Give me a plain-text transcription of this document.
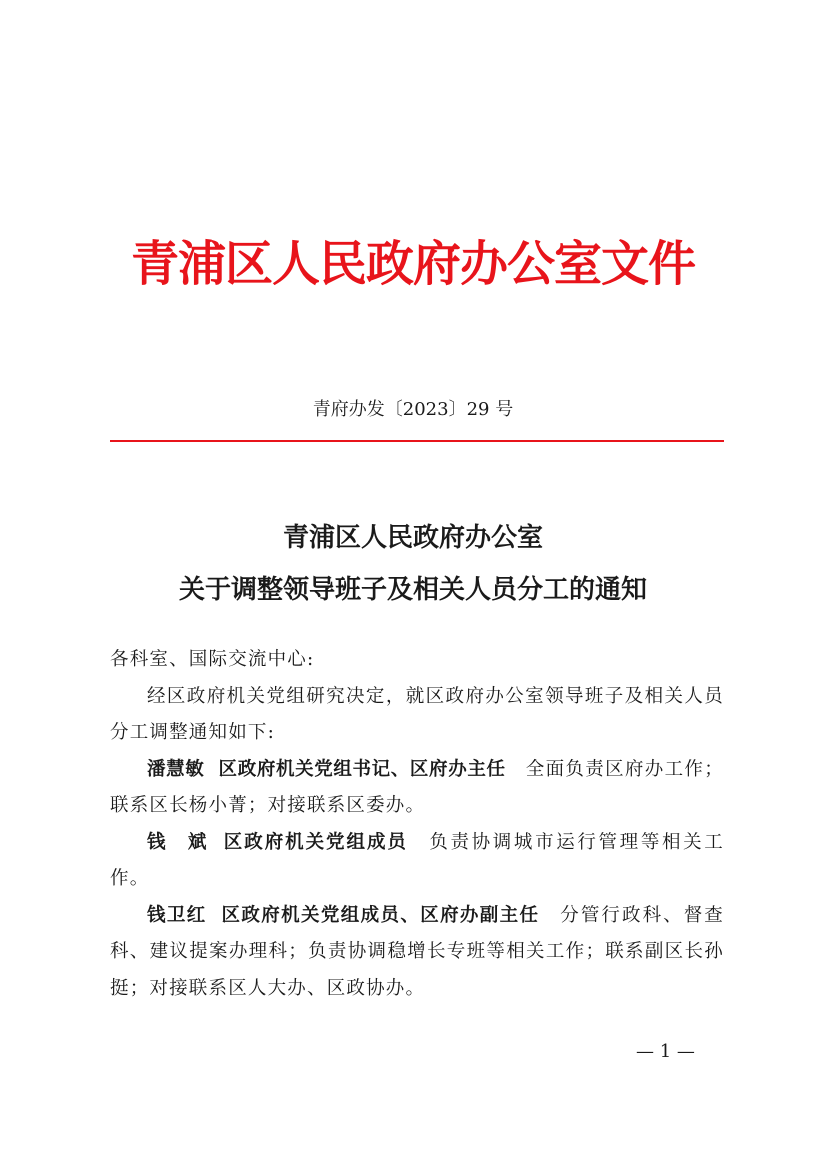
青浦区人民政府办公室文件
青府办发〔2023〕29 号
青浦区人民政府办公室
关于调整领导班子及相关人员分工的通知

各科室、国际交流中心:

经区政府机关党组研究决定，就区政府办公室领导班子及相关人员分工调整通知如下:

潘慧敏 区政府机关党组书记、区府办主任 全面负责区府办工作；联系区长杨小菁；对接联系区委办。

钱　斌 区政府机关党组成员 负责协调城市运行管理等相关工作。

钱卫红 区政府机关党组成员、区府办副主任 分管行政科、督查科、建议提案办理科；负责协调稳增长专班等相关工作；联系副区长孙挺；对接联系区人大办、区政协办。

— 1 —
